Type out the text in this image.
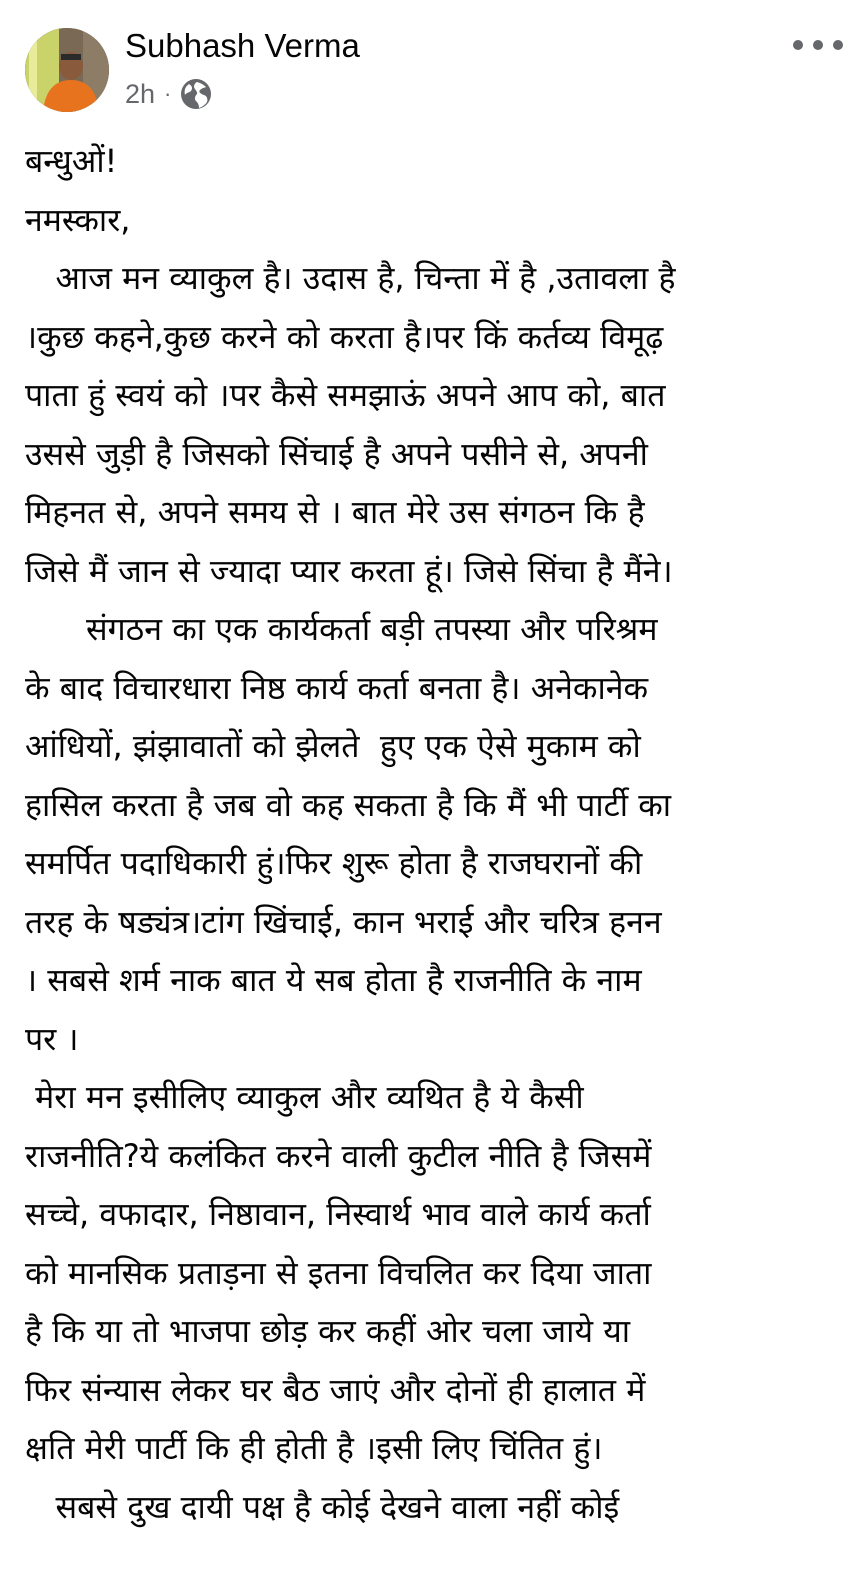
Subhash Verma
2h ·
बन्धुओं!
नमस्कार,
आज मन व्याकुल है। उदास है, चिन्ता में है ,उतावला है
।कुछ कहने,कुछ करने को करता है।पर किं कर्तव्य विमूढ़
पाता हुं स्वयं को ।पर कैसे समझाऊं अपने आप को, बात
उससे जुड़ी है जिसको सिंचाई है अपने पसीने से, अपनी
मिहनत से, अपने समय से । बात मेरे उस संगठन कि है
जिसे मैं जान से ज्यादा प्यार करता हूं। जिसे सिंचा है मैंने।
संगठन का एक कार्यकर्ता बड़ी तपस्या और परिश्रम
के बाद विचारधारा निष्ठ कार्य कर्ता बनता है। अनेकानेक
आंधियों, झंझावातों को झेलते  हुए एक ऐसे मुकाम को
हासिल करता है जब वो कह सकता है कि मैं भी पार्टी का
समर्पित पदाधिकारी हुं।फिर शुरू होता है राजघरानों की
तरह के षड्यंत्र।टांग खिंचाई, कान भराई और चरित्र हनन
। सबसे शर्म नाक बात ये सब होता है राजनीति के नाम
पर ।
मेरा मन इसीलिए व्याकुल और व्यथित है ये कैसी
राजनीति?ये कलंकित करने वाली कुटील नीति है जिसमें
सच्चे, वफादार, निष्ठावान, निस्वार्थ भाव वाले कार्य कर्ता
को मानसिक प्रताड़ना से इतना विचलित कर दिया जाता
है कि या तो भाजपा छोड़ कर कहीं ओर चला जाये या
फिर संन्यास लेकर घर बैठ जाएं और दोनों ही हालात में
क्षति मेरी पार्टी कि ही होती है ।इसी लिए चिंतित हुं।
सबसे दुख दायी पक्ष है कोई देखने वाला नहीं कोई
